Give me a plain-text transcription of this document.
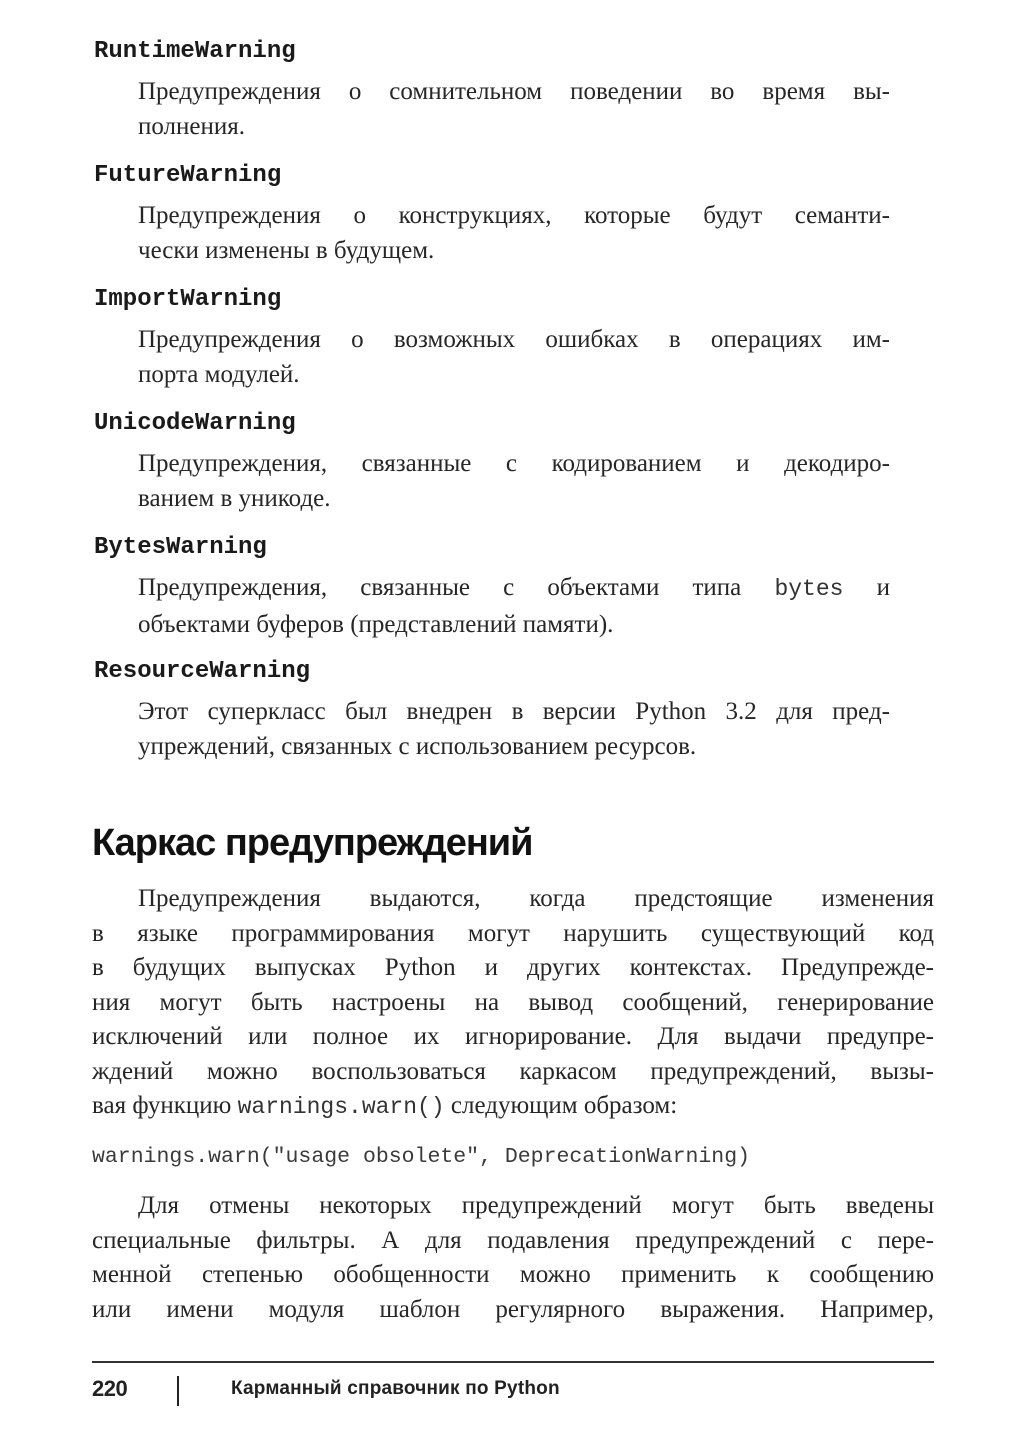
RuntimeWarning

Предупреждения о сомнительном поведении во время вы-
полнения.

FutureWarning

Предупреждения о конструкциях, которые будут семанти-
чески изменены в будущем.

ImportWarning

Предупреждения о возможных ошибках в операциях им-
порта модулей.

UnicodeWarning

Предупреждения, связанные с кодированием и декодиро-
ванием в уникоде.

BytesWarning

Предупреждения, связанные с объектами типа bytes и
объектами буферов (представлений памяти).

ResourceWarning

Этот суперкласс был внедрен в версии Python 3.2 для пред-
упреждений, связанных с использованием ресурсов.

Каркас предупреждений

Предупреждения выдаются, когда предстоящие изменения
в языке программирования могут нарушить существующий код
в будущих выпусках Python и других контекстах. Предупрежде-
ния могут быть настроены на вывод сообщений, генерирование
исключений или полное их игнорирование. Для выдачи предупре-
ждений можно воспользоваться каркасом предупреждений, вызы-
вая функцию warnings.warn() следующим образом:

warnings.warn("usage obsolete", DeprecationWarning)

Для отмены некоторых предупреждений могут быть введены
специальные фильтры. А для подавления предупреждений с пере-
менной степенью обобщенности можно применить к сообщению
или имени модуля шаблон регулярного выражения. Например,

220	Карманный справочник по Python
